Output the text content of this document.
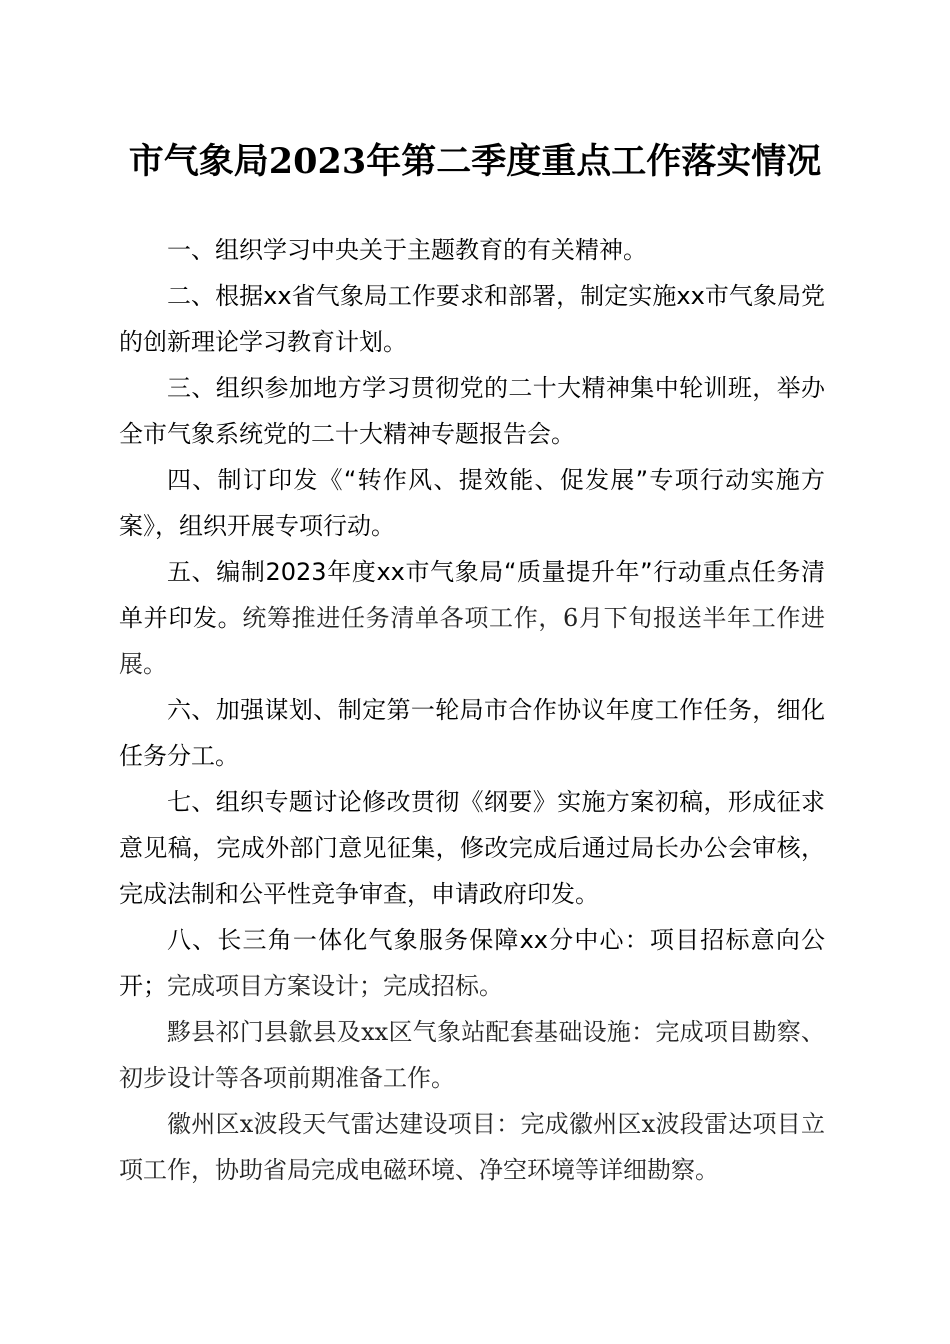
市气象局2023年第二季度重点工作落实情况

一、组织学习中央关于主题教育的有关精神。

二、根据xx省气象局工作要求和部署，制定实施xx市气象局党的创新理论学习教育计划。

三、组织参加地方学习贯彻党的二十大精神集中轮训班，举办全市气象系统党的二十大精神专题报告会。

四、制订印发《“转作风、提效能、促发展”专项行动实施方案》，组织开展专项行动。

五、编制2023年度xx市气象局“质量提升年”行动重点任务清单并印发。统筹推进任务清单各项工作，6月下旬报送半年工作进展。

六、加强谋划、制定第一轮局市合作协议年度工作任务，细化任务分工。

七、组织专题讨论修改贯彻《纲要》实施方案初稿，形成征求意见稿，完成外部门意见征集，修改完成后通过局长办公会审核，完成法制和公平性竞争审查，申请政府印发。

八、长三角一体化气象服务保障xx分中心：项目招标意向公开；完成项目方案设计；完成招标。

黟县祁门县歙县及xx区气象站配套基础设施：完成项目勘察、初步设计等各项前期准备工作。

徽州区x波段天气雷达建设项目：完成徽州区x波段雷达项目立项工作，协助省局完成电磁环境、净空环境等详细勘察。
